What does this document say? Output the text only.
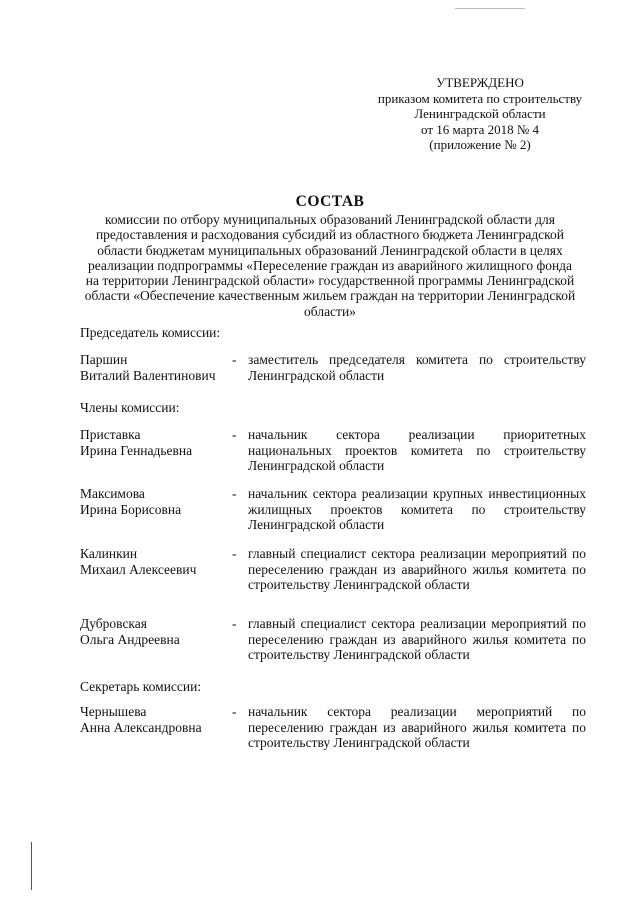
УТВЕРЖДЕНО
приказом комитета по строительству
Ленинградской области
от 16 марта 2018 № 4
(приложение № 2)
СОСТАВ
комиссии по отбору муниципальных образований Ленинградской области для предоставления и расходования субсидий из областного бюджета Ленинградской области бюджетам муниципальных образований Ленинградской области в целях реализации подпрограммы «Переселение граждан из аварийного жилищного фонда на территории Ленинградской области» государственной программы Ленинградской области «Обеспечение качественным жильем граждан на территории Ленинградской области»
Председатель комиссии:
Паршин
Виталий Валентинович
- заместитель председателя комитета по строительству Ленинградской области
Члены комиссии:
Приставка
Ирина Геннадьевна
- начальник сектора реализации приоритетных национальных проектов комитета по строительству Ленинградской области
Максимова
Ирина Борисовна
- начальник сектора реализации крупных инвестиционных жилищных проектов комитета по строительству Ленинградской области
Калинкин
Михаил Алексеевич
- главный специалист сектора реализации мероприятий по переселению граждан из аварийного жилья комитета по строительству Ленинградской области
Дубровская
Ольга Андреевна
- главный специалист сектора реализации мероприятий по переселению граждан из аварийного жилья комитета по строительству Ленинградской области
Секретарь комиссии:
Чернышева
Анна Александровна
- начальник сектора реализации мероприятий по переселению граждан из аварийного жилья комитета по строительству Ленинградской области
